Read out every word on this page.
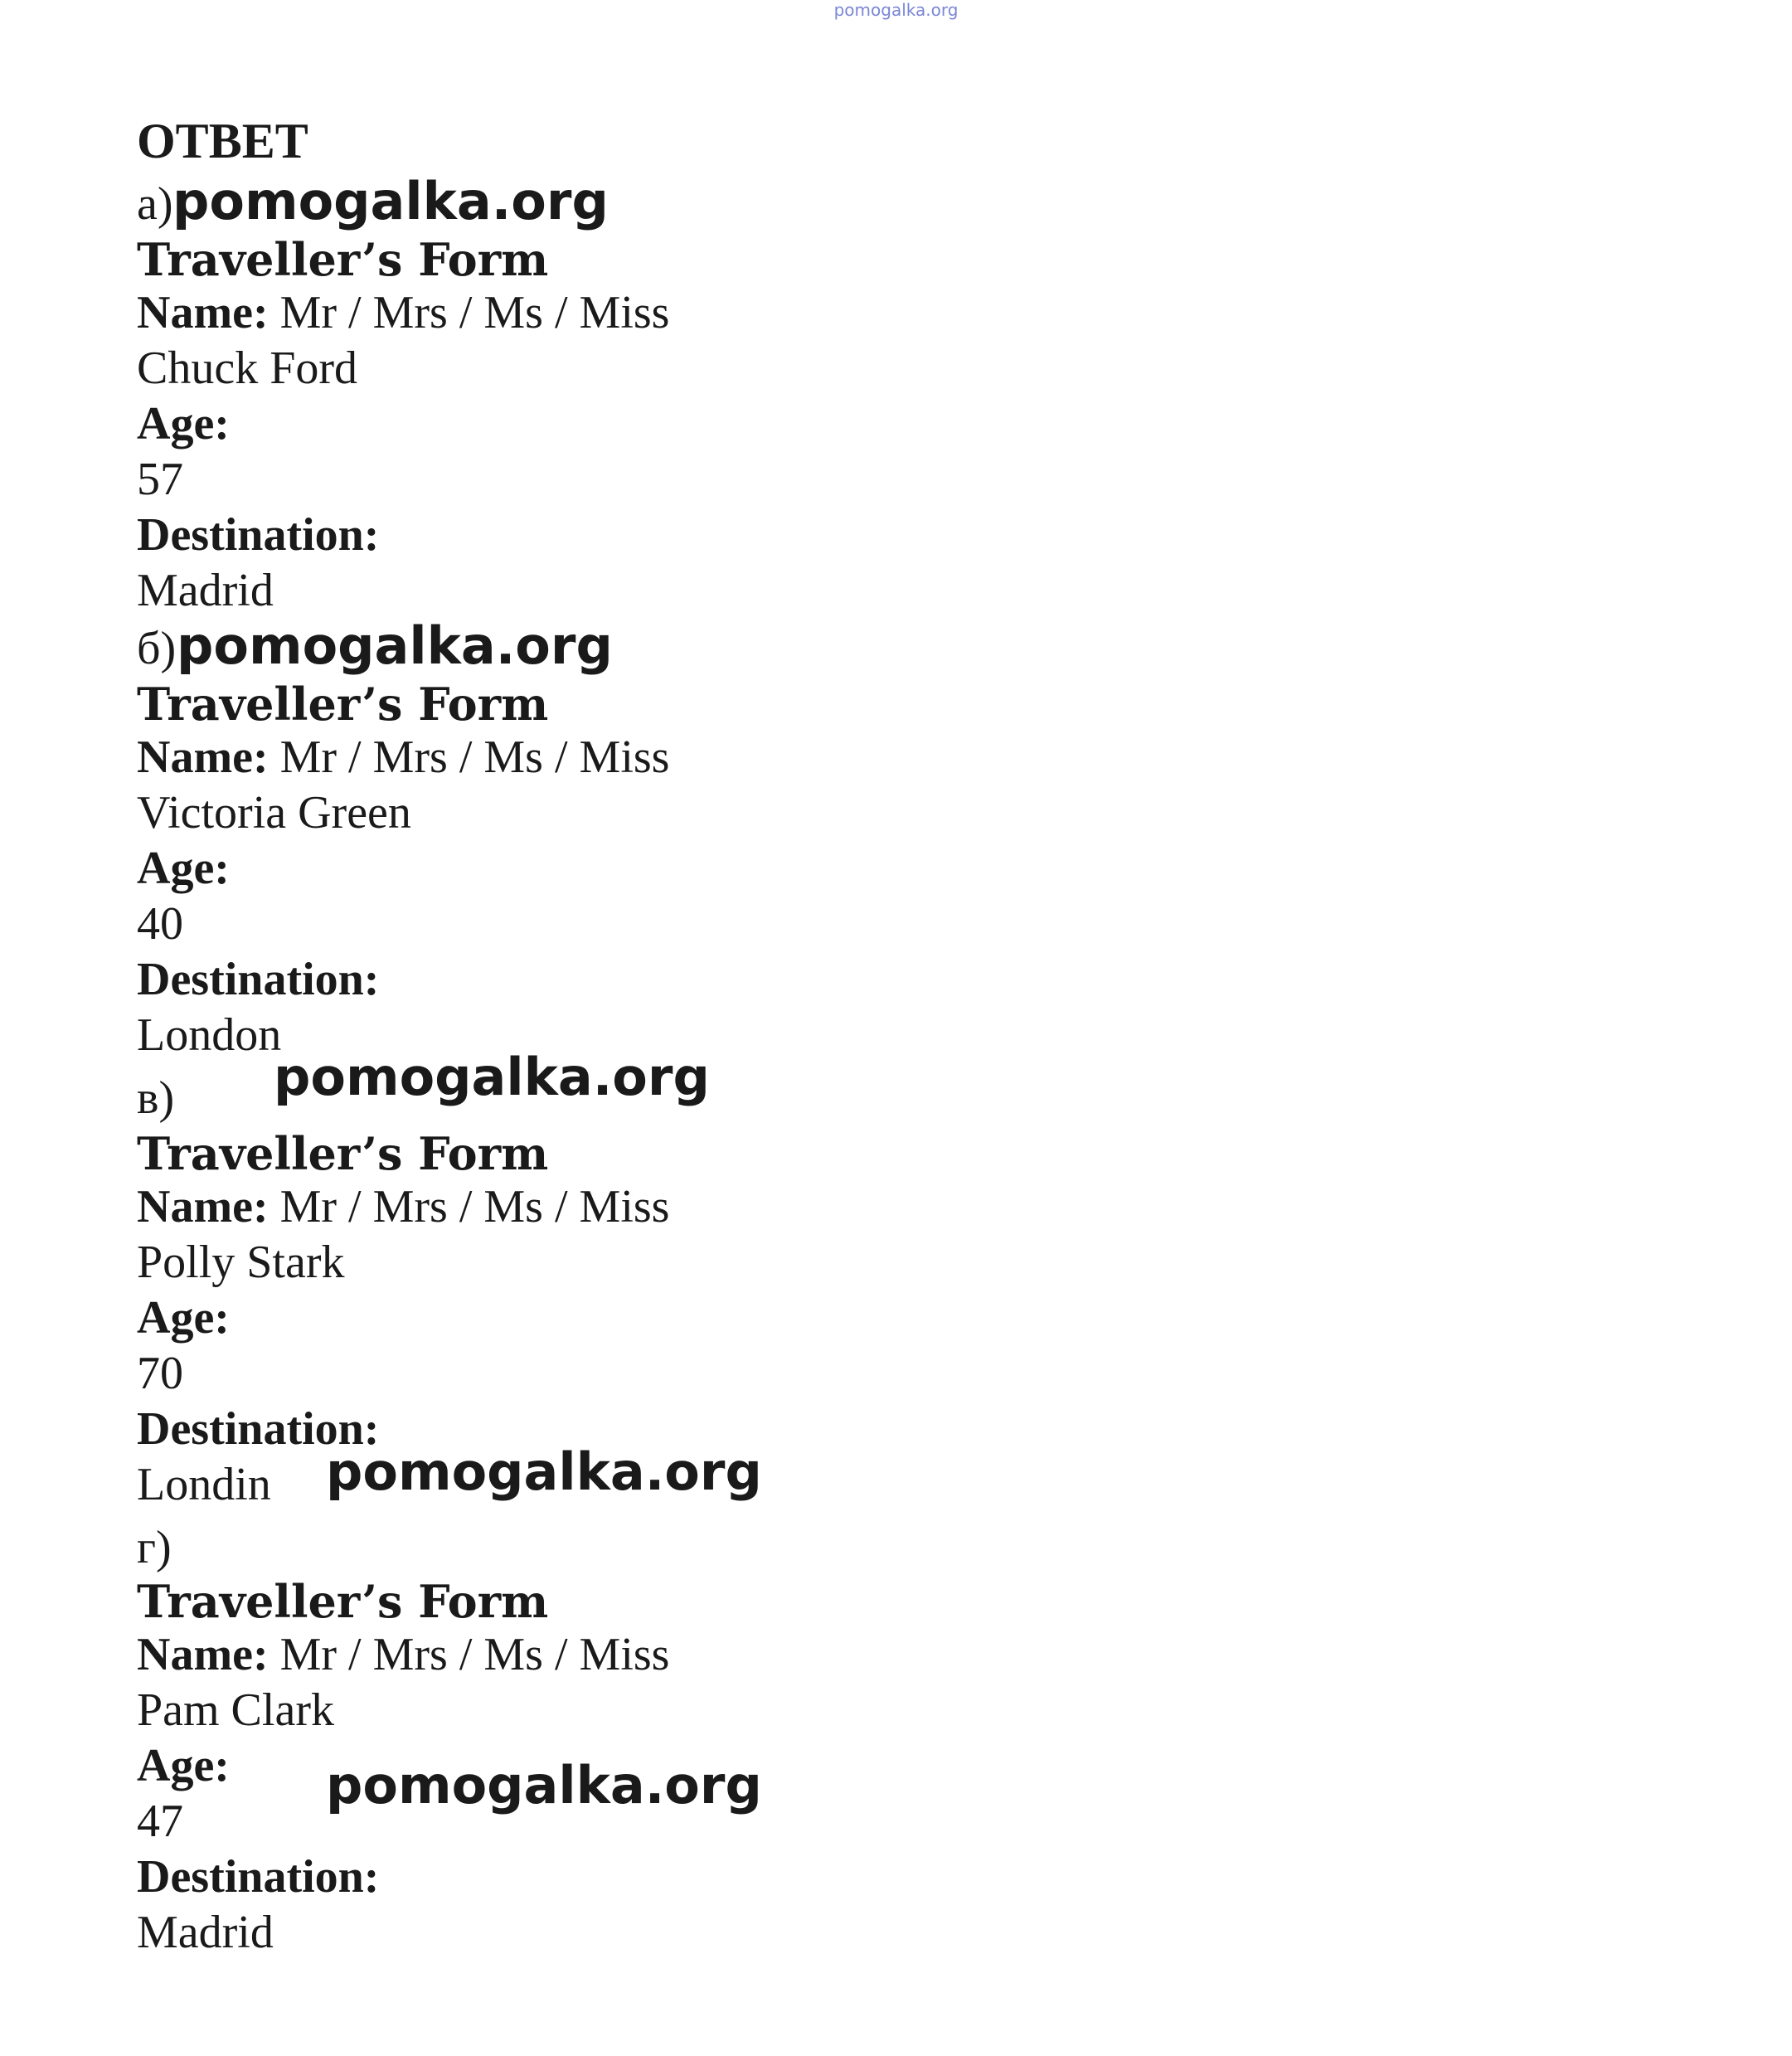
pomogalka.org
ОТВЕТ
а) pomogalka.org
Traveller’s Form
Name: Mr / Mrs / Ms / Miss
Chuck Ford
Age:
57
Destination:
Madrid
б) pomogalka.org
Traveller’s Form
Name: Mr / Mrs / Ms / Miss
Victoria Green
Age:
40
Destination:
London
в) pomogalka.org
Traveller’s Form
Name: Mr / Mrs / Ms / Miss
Polly Stark
Age:
70
Destination:
Londin pomogalka.org
г)
Traveller’s Form
Name: Mr / Mrs / Ms / Miss
Pam Clark
Age:
47
pomogalka.org
Destination:
Madrid
